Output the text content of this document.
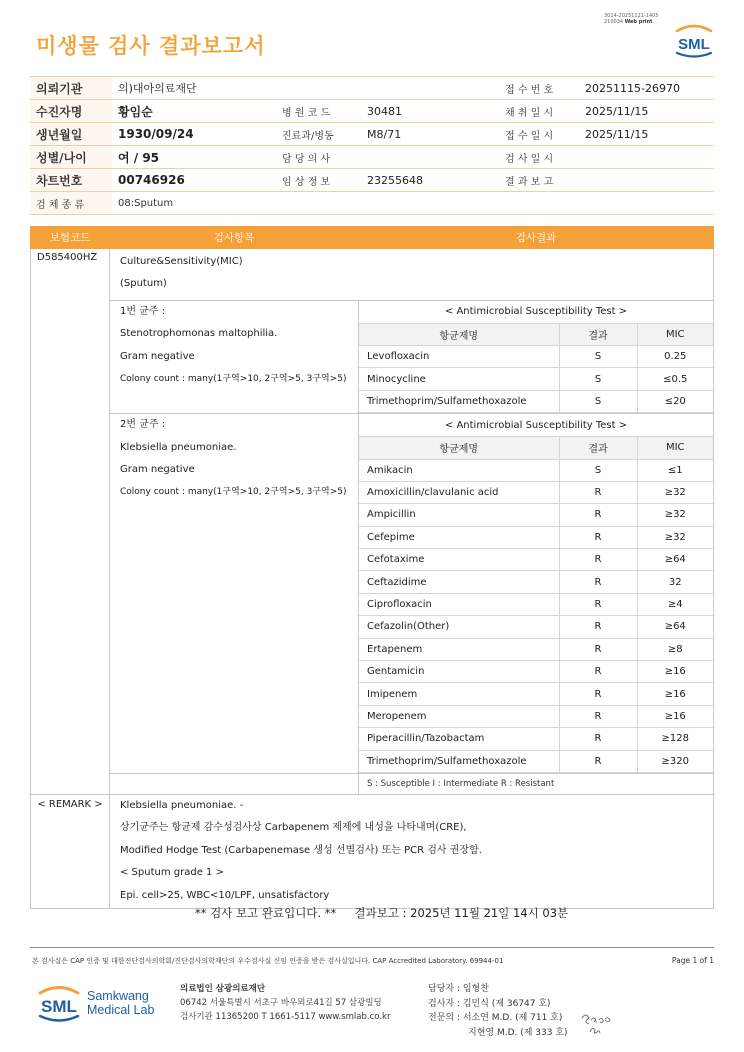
미생물 검사 결과보고서
3014-20251121-1405
210034 Web print
SML
의뢰기관	의)대아의료재단			접 수 번 호	20251115-26970
수진자명	황임순	병 원 코 드	30481	채 취 일 시	2025/11/15
생년월일	1930/09/24	진료과/병동	M8/71	접 수 일 시	2025/11/15
성별/나이	여 / 95	담 당 의 사		검 사 일 시	
차트번호	00746926	임 상 정 보	23255648	결 과 보 고	
검 체 종 류	08:Sputum				
보험코드	검사항목	검사결과
D585400HZ	Culture&Sensitivity(MIC)
(Sputum)

1번 균주 :
Stenotrophomonas maltophilia.
Gram negative
Colony count : many(1구역>10, 2구역>5, 3구역>5)

< Antimicrobial Susceptibility Test >
항균제명	결과	MIC
Levofloxacin	S	0.25
Minocycline	S	≤0.5
Trimethoprim/Sulfamethoxazole	S	≤20

2번 균주 :
Klebsiella pneumoniae.
Gram negative
Colony count : many(1구역>10, 2구역>5, 3구역>5)

< Antimicrobial Susceptibility Test >
항균제명	결과	MIC
Amikacin	S	≤1
Amoxicillin/clavulanic acid	R	≥32
Ampicillin	R	≥32
Cefepime	R	≥32
Cefotaxime	R	≥64
Ceftazidime	R	32
Ciprofloxacin	R	≥4
Cefazolin(Other)	R	≥64
Ertapenem	R	≥8
Gentamicin	R	≥16
Imipenem	R	≥16
Meropenem	R	≥16
Piperacillin/Tazobactam	R	≥128
Trimethoprim/Sulfamethoxazole	R	≥320

S : Susceptible I : Intermediate R : Resistant

< REMARK >	Klebsiella pneumoniae. -
상기균주는 항균제 감수성검사상 Carbapenem 제제에 내성을 나타내며(CRE),
Modified Hodge Test (Carbapenemase 생성 선별검사) 또는 PCR 검사 권장함.
< Sputum grade 1 >
Epi. cell>25, WBC<10/LPF, unsatisfactory
** 검사 보고 완료입니다. **     결과보고 : 2025년 11월 21일 14시 03분
본 검사실은 CAP 인증 및 대한진단검사의학회/진단검사의학재단의 우수검사실 신임 인증을 받은 검사실입니다. CAP Accredited Laboratory. 69944-01	Page 1 of 1
SML
Samkwang
Medical Lab
의료법인 삼광의료재단
06742 서울특별시 서초구 바우뫼로41길 57 삼광빌딩
검사기관 11365200 T 1661-5117 www.smlab.co.kr
담당자 : 임형찬
검사자 : 김민식 (제 36747 호)
전문의 : 서소연 M.D. (제 711 호)
지현영 M.D. (제 333 호)
